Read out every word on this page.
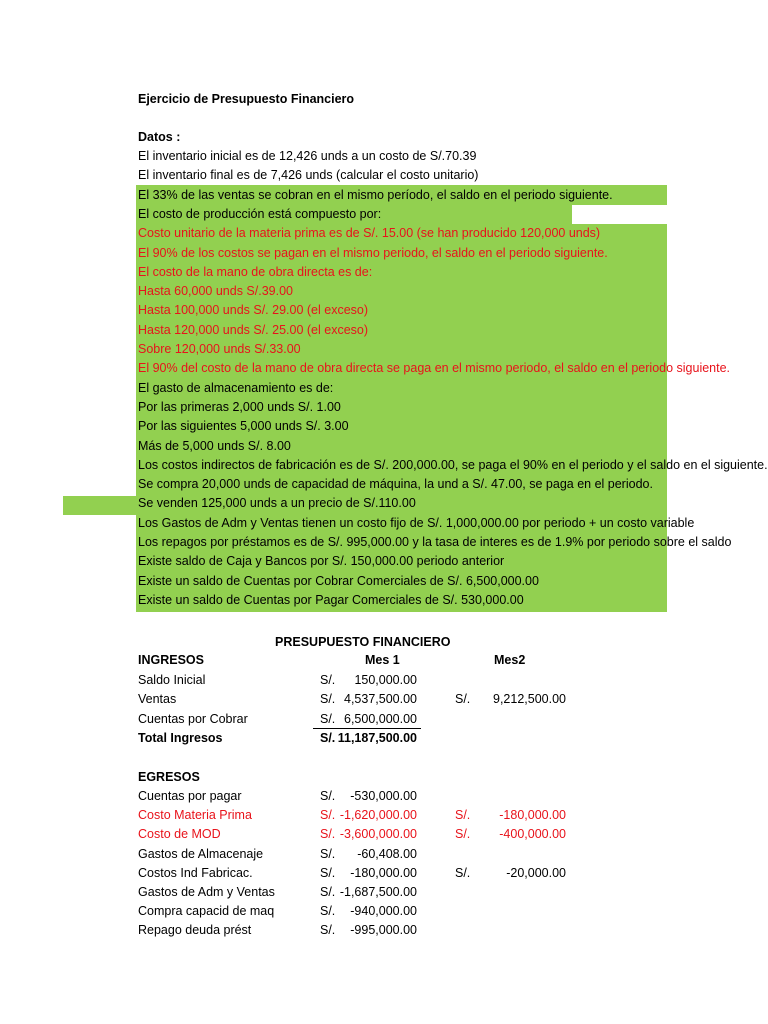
Ejercicio de Presupuesto Financiero
Datos :
El inventario inicial es de 12,426 unds a un costo de S/.70.39
El inventario final es de 7,426 unds (calcular el costo unitario)
El 33% de las ventas se cobran en el mismo período, el saldo en el periodo siguiente.
El costo de producción está compuesto por:
Costo unitario de la materia prima es de S/. 15.00 (se han producido 120,000 unds)
El 90% de los costos se pagan en el mismo periodo, el saldo en el periodo siguiente.
El costo de la mano de obra directa es de:
Hasta 60,000 unds S/.39.00
Hasta 100,000 unds S/. 29.00 (el exceso)
Hasta 120,000 unds S/. 25.00 (el exceso)
Sobre 120,000 unds S/.33.00
El 90% del costo de la mano de obra directa se paga en el mismo periodo, el saldo en el periodo siguiente.
El gasto de almacenamiento es de:
Por las primeras 2,000 unds S/. 1.00
Por las siguientes 5,000 unds S/. 3.00
Más de 5,000 unds S/. 8.00
Los costos indirectos de fabricación es de S/. 200,000.00, se paga el 90% en el periodo y el saldo en el siguiente.
Se compra 20,000 unds de capacidad de máquina, la und a S/. 47.00, se paga en el periodo.
Se venden 125,000 unds a un precio de S/.110.00
Los Gastos de Adm y Ventas tienen un costo fijo de S/. 1,000,000.00 por periodo + un costo variable
Los repagos por préstamos es de S/. 995,000.00 y la tasa de interes es de 1.9% por periodo sobre el saldo
Existe saldo de Caja y Bancos por S/. 150,000.00 periodo anterior
Existe un saldo de Cuentas por Cobrar Comerciales de S/. 6,500,000.00
Existe un saldo de Cuentas por Pagar Comerciales de S/. 530,000.00
PRESUPUESTO FINANCIERO
INGRESOS	Mes 1	Mes2
Saldo Inicial	S/.	150,000.00
Ventas	S/. 4,537,500.00	S/.	9,212,500.00
Cuentas por Cobrar	S/. 6,500,000.00
Total Ingresos	S/. 11,187,500.00
EGRESOS
Cuentas por pagar	S/.	-530,000.00
Costo Materia Prima	S/. -1,620,000.00	S/.	-180,000.00
Costo de MOD	S/. -3,600,000.00	S/.	-400,000.00
Gastos de Almacenaje	S/.	-60,408.00
Costos Ind Fabricac.	S/.	-180,000.00	S/.	-20,000.00
Gastos de Adm y Ventas	S/. -1,687,500.00
Compra capacid de maq	S/.	-940,000.00
Repago deuda prést	S/.	-995,000.00
